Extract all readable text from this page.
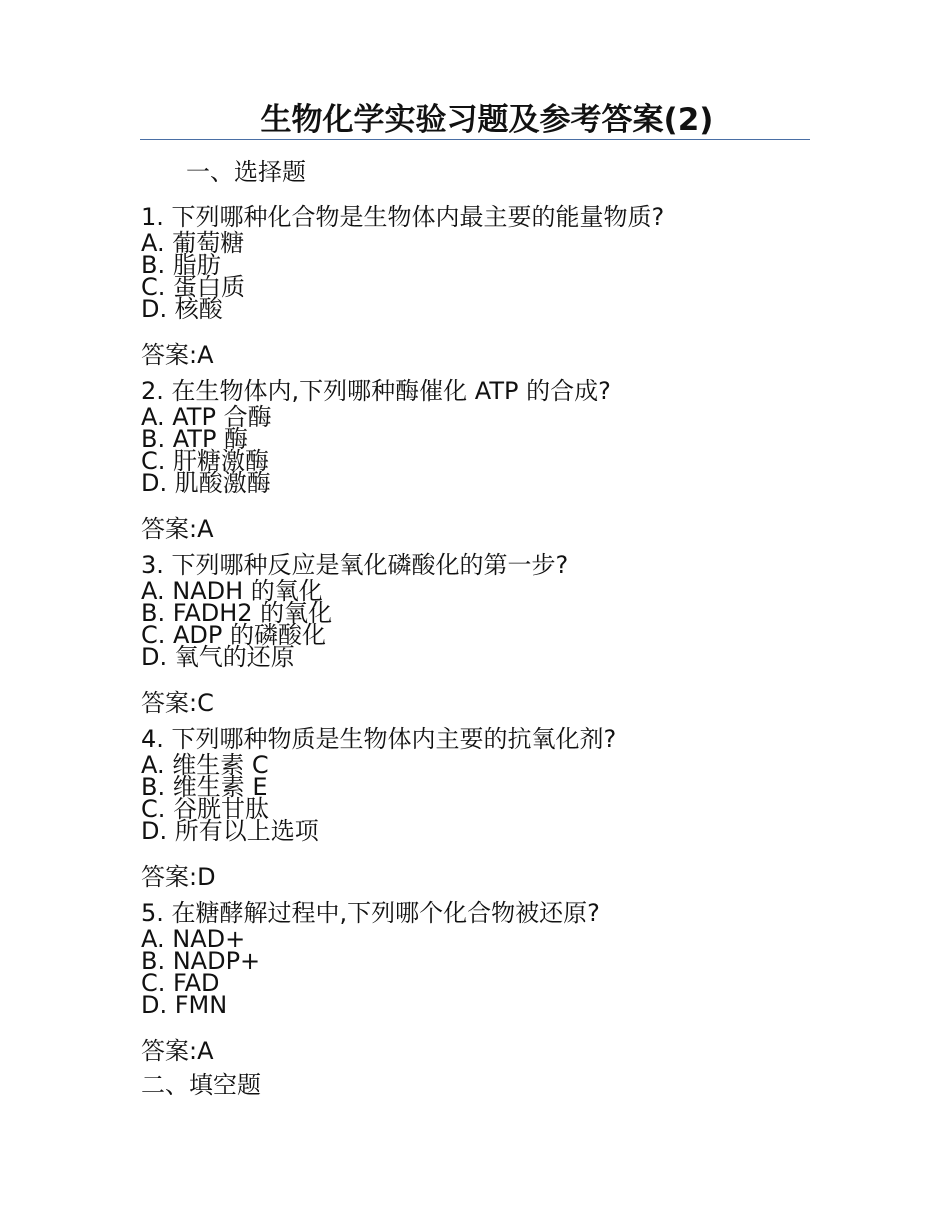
生物化学实验习题及参考答案(2)
一、选择题
1. 下列哪种化合物是生物体内最主要的能量物质?
A. 葡萄糖
B. 脂肪
C. 蛋白质
D. 核酸
答案:A
2. 在生物体内,下列哪种酶催化 ATP 的合成?
A. ATP 合酶
B. ATP 酶
C. 肝糖激酶
D. 肌酸激酶
答案:A
3. 下列哪种反应是氧化磷酸化的第一步?
A. NADH 的氧化
B. FADH2 的氧化
C. ADP 的磷酸化
D. 氧气的还原
答案:C
4. 下列哪种物质是生物体内主要的抗氧化剂?
A. 维生素 C
B. 维生素 E
C. 谷胱甘肽
D. 所有以上选项
答案:D
5. 在糖酵解过程中,下列哪个化合物被还原?
A. NAD+
B. NADP+
C. FAD
D. FMN
答案:A
二、填空题
